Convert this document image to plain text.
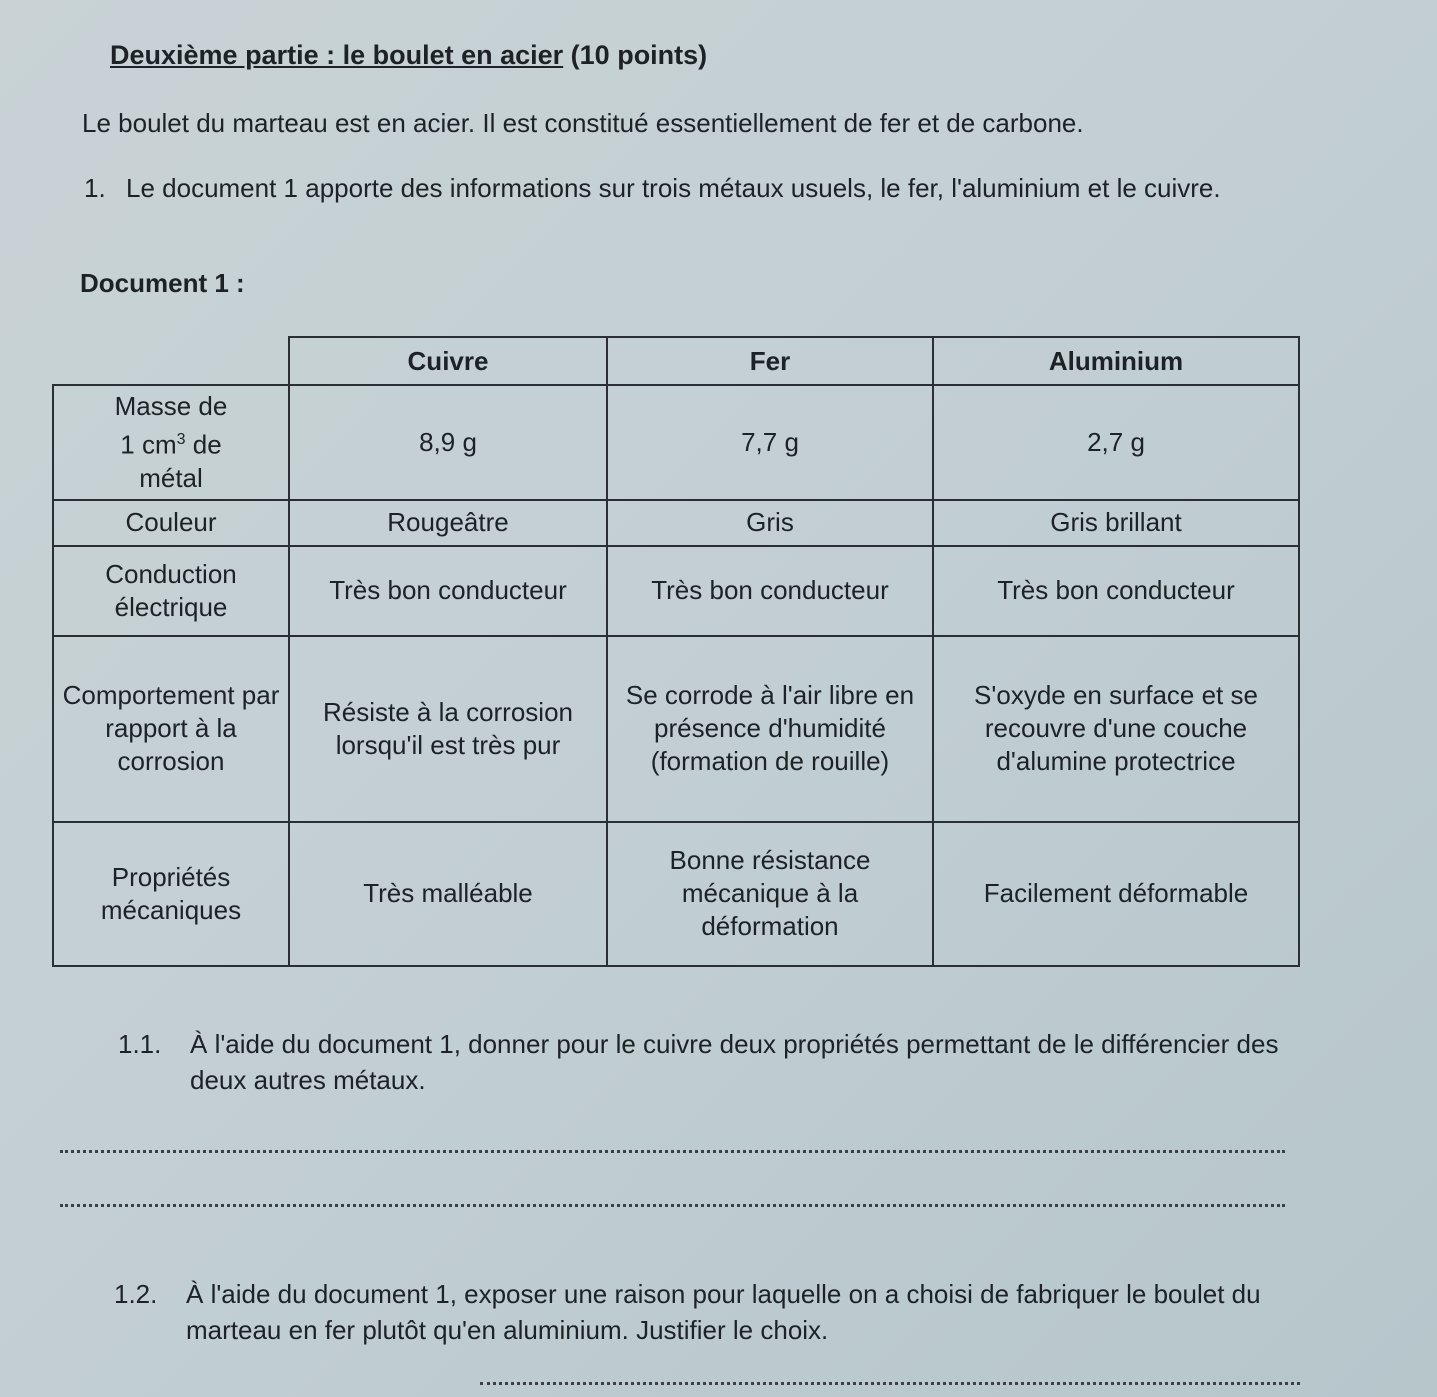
Deuxième partie : le boulet en acier (10 points)

Le boulet du marteau est en acier. Il est constitué essentiellement de fer et de carbone.

1. Le document 1 apporte des informations sur trois métaux usuels, le fer, l'aluminium et le cuivre.
Document 1 :
	Cuivre	Fer	Aluminium
Masse de
1 $cm^3$ de
métal	8,9 g	7,7 g	2,7 g
Couleur	Rougeâtre	Gris	Gris brillant
Conduction électrique	Très bon conducteur	Très bon conducteur	Très bon conducteur
Comportement par rapport à la corrosion	Résiste à la corrosion lorsqu'il est très pur	Se corrode à l'air libre en présence d'humidité (formation de rouille)	S'oxyde en surface et se recouvre d'une couche d'alumine protectrice
Propriétés mécaniques	Très malléable	Bonne résistance mécanique à la déformation	Facilement déformable
1.1. À l'aide du document 1, donner pour le cuivre deux propriétés permettant de le différencier des deux autres métaux.
1.2. À l'aide du document 1, exposer une raison pour laquelle on a choisi de fabriquer le boulet du marteau en fer plutôt qu'en aluminium. Justifier le choix.
